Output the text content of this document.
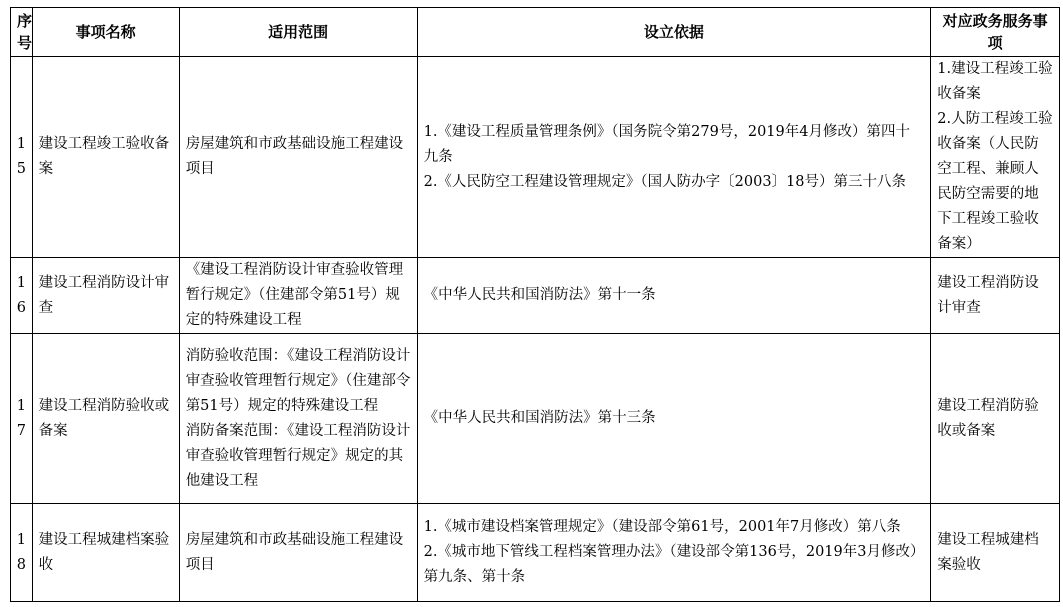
序号	事项名称	适用范围	设立依据	对应政务服务事项
15	建设工程竣工验收备案	房屋建筑和市政基础设施工程建设项目	1.《建设工程质量管理条例》（国务院令第279号，2019年4月修改）第四十九条
2.《人民防空工程建设管理规定》（国人防办字〔2003〕18号）第三十八条	1.建设工程竣工验收备案
2.人防工程竣工验收备案（人民防空工程、兼顾人民防空需要的地下工程竣工验收备案）

16	建设工程消防设计审查	《建设工程消防设计审查验收管理暂行规定》（住建部令第51号）规定的特殊建设工程	《中华人民共和国消防法》第十一条	建设工程消防设计审查

17	建设工程消防验收或备案	消防验收范围：《建设工程消防设计审查验收管理暂行规定》（住建部令第51号）规定的特殊建设工程
消防备案范围：《建设工程消防设计审查验收管理暂行规定》规定的其他建设工程	《中华人民共和国消防法》第十三条	建设工程消防验收或备案

18	建设工程城建档案验收	房屋建筑和市政基础设施工程建设项目	1.《城市建设档案管理规定》（建设部令第61号，2001年7月修改）第八条
2.《城市地下管线工程档案管理办法》（建设部令第136号，2019年3月修改）第九条、第十条	建设工程城建档案验收
